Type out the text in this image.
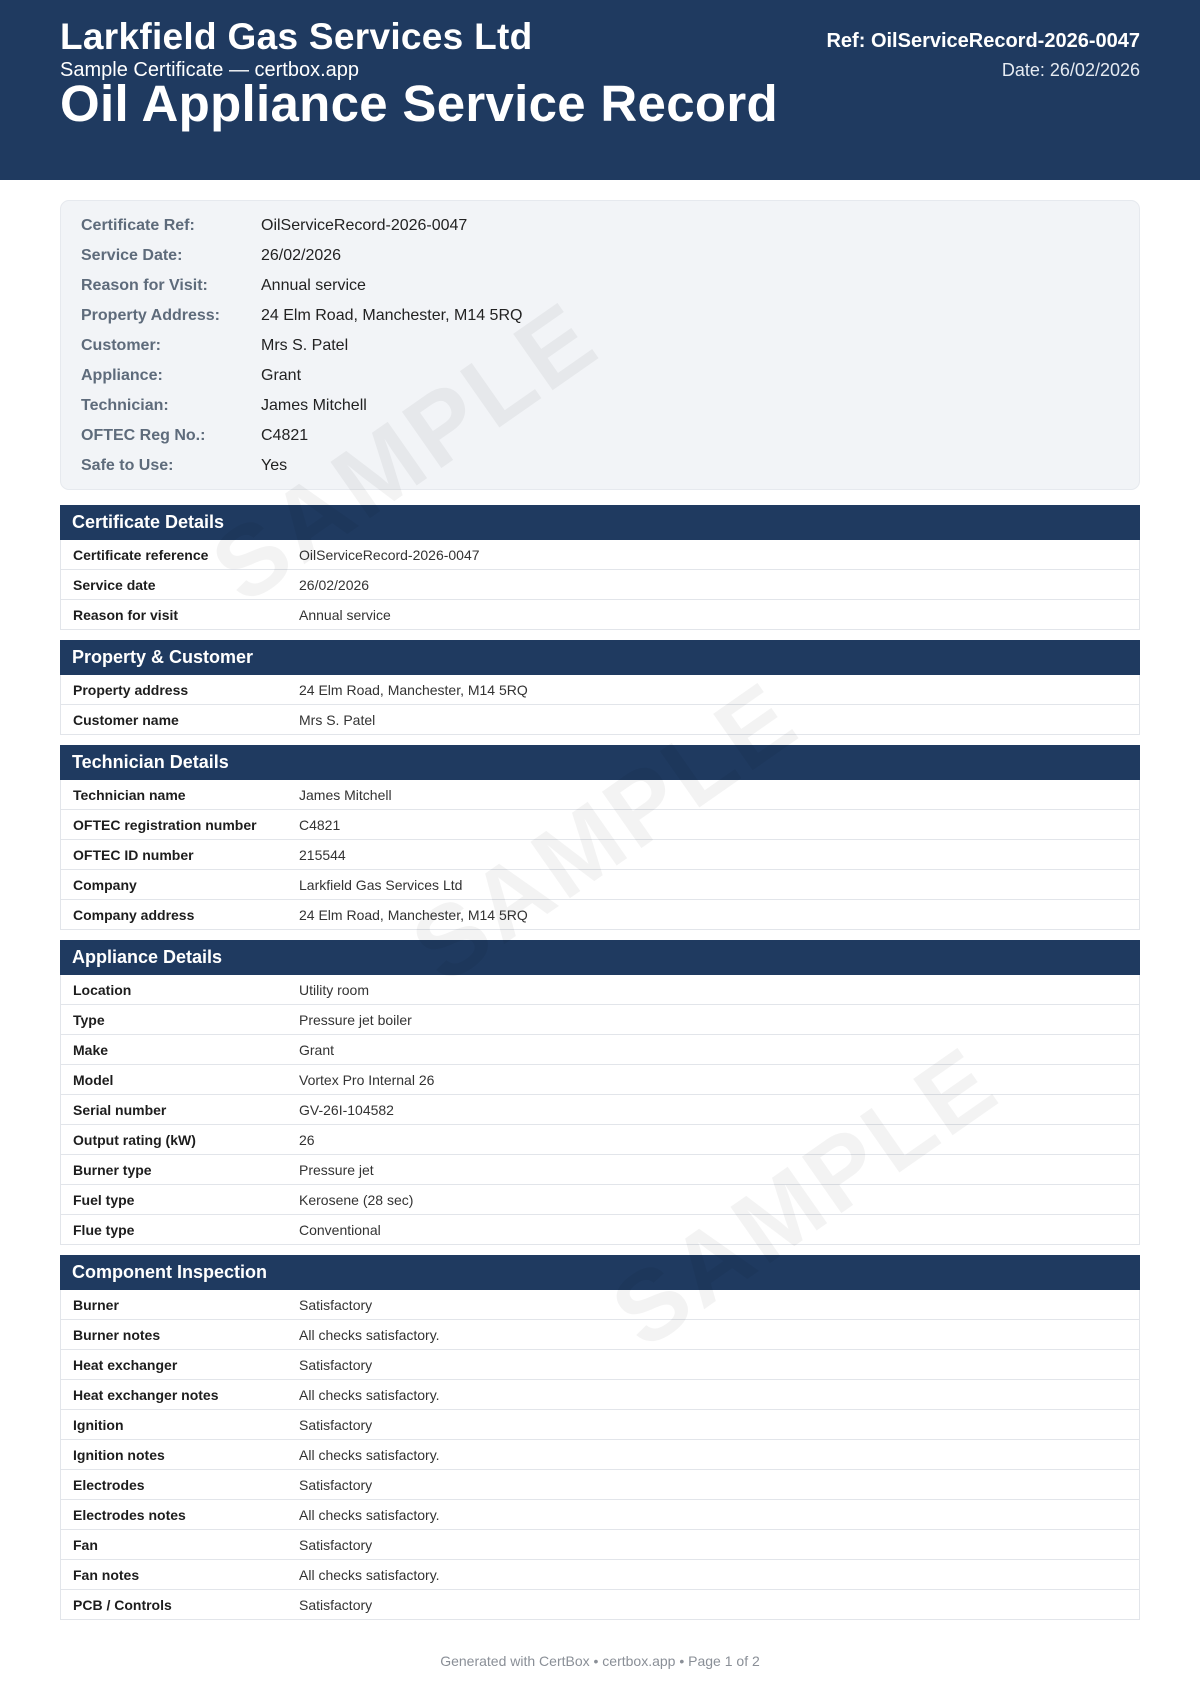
Larkfield Gas Services Ltd
Sample Certificate — certbox.app
Oil Appliance Service Record
Ref: OilServiceRecord-2026-0047
Date: 26/02/2026
Certificate Ref:	OilServiceRecord-2026-0047
Service Date:	26/02/2026
Reason for Visit:	Annual service
Property Address:	24 Elm Road, Manchester, M14 5RQ
Customer:	Mrs S. Patel
Appliance:	Grant
Technician:	James Mitchell
OFTEC Reg No.:	C4821
Safe to Use:	Yes
Certificate Details
Certificate reference	OilServiceRecord-2026-0047
Service date	26/02/2026
Reason for visit	Annual service
Property & Customer
Property address	24 Elm Road, Manchester, M14 5RQ
Customer name	Mrs S. Patel
Technician Details
Technician name	James Mitchell
OFTEC registration number	C4821
OFTEC ID number	215544
Company	Larkfield Gas Services Ltd
Company address	24 Elm Road, Manchester, M14 5RQ
Appliance Details
Location	Utility room
Type	Pressure jet boiler
Make	Grant
Model	Vortex Pro Internal 26
Serial number	GV-26I-104582
Output rating (kW)	26
Burner type	Pressure jet
Fuel type	Kerosene (28 sec)
Flue type	Conventional
Component Inspection
Burner	Satisfactory
Burner notes	All checks satisfactory.
Heat exchanger	Satisfactory
Heat exchanger notes	All checks satisfactory.
Ignition	Satisfactory
Ignition notes	All checks satisfactory.
Electrodes	Satisfactory
Electrodes notes	All checks satisfactory.
Fan	Satisfactory
Fan notes	All checks satisfactory.
PCB / Controls	Satisfactory
Generated with CertBox • certbox.app • Page 1 of 2
